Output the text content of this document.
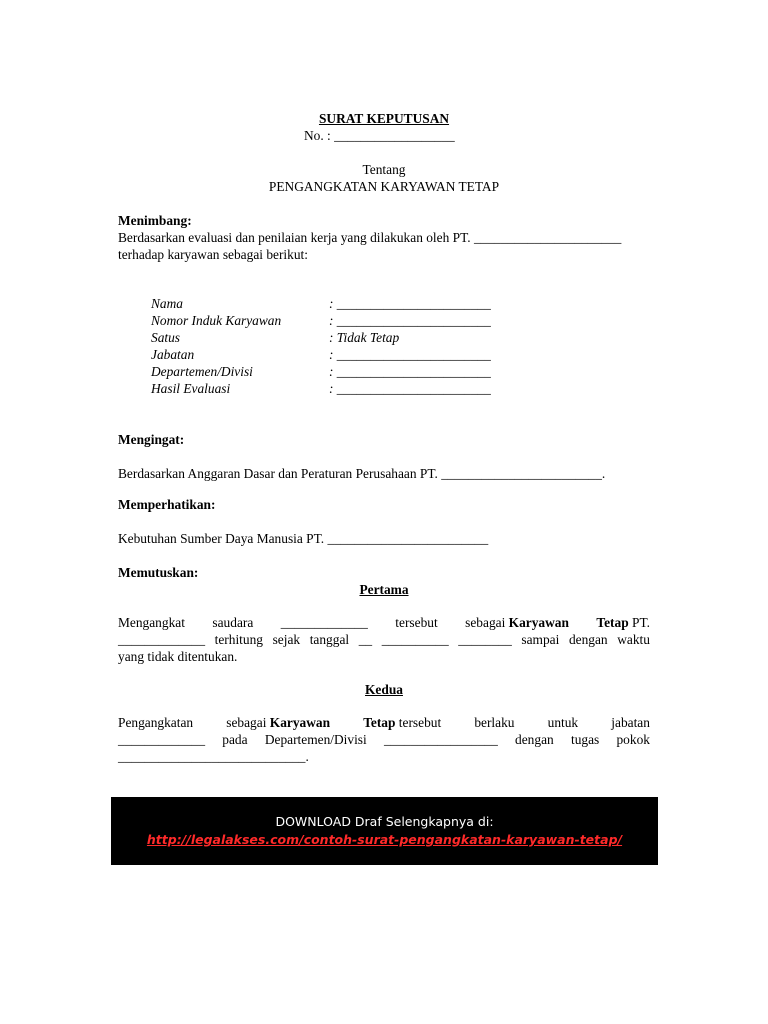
SURAT KEPUTUSAN
No. : __________________
Tentang
PENGANGKATAN KARYAWAN TETAP
Menimbang:
Berdasarkan evaluasi dan penilaian kerja yang dilakukan oleh PT. ______________________
terhadap karyawan sebagai berikut:
Nama	: _______________________
Nomor Induk Karyawan	: _______________________
Satus	: Tidak Tetap
Jabatan	: _______________________
Departemen/Divisi	: _______________________
Hasil Evaluasi	: _______________________
Mengingat:
Berdasarkan Anggaran Dasar dan Peraturan Perusahaan PT. ________________________.
Memperhatikan:
Kebutuhan Sumber Daya Manusia PT. ________________________
Memutuskan:
Pertama
Mengangkat saudara _____________ tersebut sebagai Karyawan Tetap PT.
_____________ terhitung sejak tanggal __ __________ ________ sampai dengan waktu
yang tidak ditentukan.
Kedua
Pengangkatan sebagai Karyawan Tetap tersebut berlaku untuk jabatan
_____________ pada Departemen/Divisi _________________ dengan tugas pokok
____________________________.
DOWNLOAD Draf Selengkapnya di:
http://legalakses.com/contoh-surat-pengangkatan-karyawan-tetap/
